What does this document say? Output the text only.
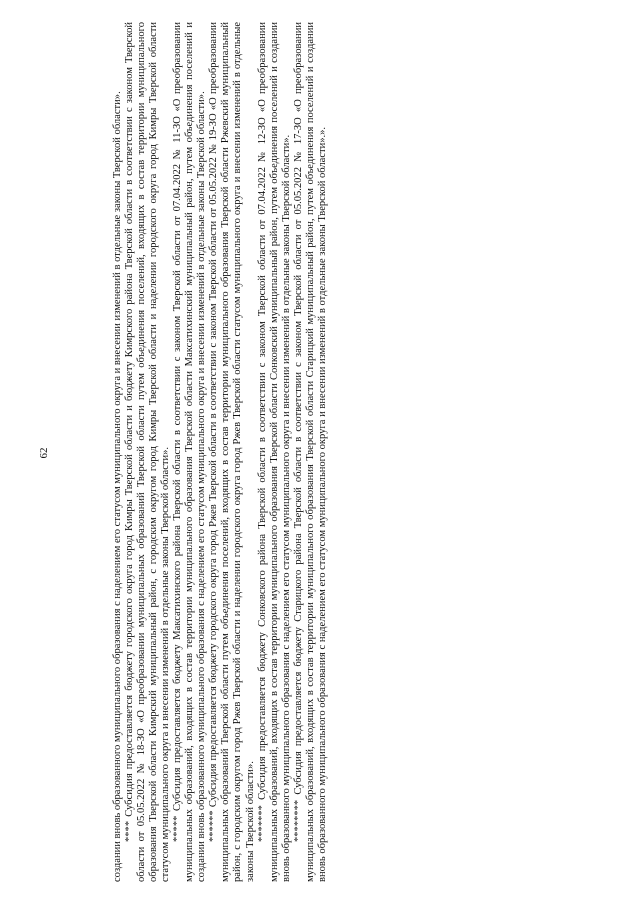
62	создании вновь образованного муниципального образования с наделением его статусом муниципального округа и внесении изменений в отдельные законы Тверской области». **** Субсидия предоставляется бюджету городского округа город Кимры Тверской области и бюджету Кимрского района Тверской области в соответствии с законом Тверской области от 05.05.2022 № 18-ЗО «О преобразовании муниципальных образований Тверской области путем объединения поселений, входящих в состав территории муниципального образования Тверской области Кимрский муниципальный район, с городским округом город Кимры Тверской области и наделении городского округа город Кимры Тверской области статусом муниципального округа и внесении изменений в отдельные законы Тверской области». ***** Субсидия предоставляется бюджету Максатихинского района Тверской области в соответствии с законом Тверской области от 07.04.2022 № 11-ЗО «О преобразовании муниципальных образований, входящих в состав территории муниципального образования Тверской области Максатихинский муниципальный район, путем объединения поселений и создании вновь образованного муниципального образования с наделением его статусом муниципального округа и внесении изменений в отдельные законы Тверской области». ****** Субсидия предоставляется бюджету городского округа город Ржев Тверской области в соответствии с законом Тверской области от 05.05.2022 № 19-ЗО «О преобразовании муниципальных образований Тверской области путем объединения поселений, входящих в состав территории муниципального образования Тверской области Ржевский муниципальный район, с городским округом город Ржев Тверской области и наделении городского округа город Ржев Тверской области статусом муниципального округа и внесении изменений в отдельные законы Тверской области». ******* Субсидия предоставляется бюджету Сонковского района Тверской области в соответствии с законом Тверской области от 07.04.2022 № 12-ЗО «О преобразовании муниципальных образований, входящих в состав территории муниципального образования Тверской области Сонковский муниципальный район, путем объединения поселений и создании вновь образованного муниципального образования с наделением его статусом муниципального округа и внесении изменений в отдельные законы Тверской области». ******** Субсидия предоставляется бюджету Старицкого района Тверской области в соответствии с законом Тверской области от 05.05.2022 № 17-ЗО «О преобразовании муниципальных образований, входящих в состав территории муниципального образования Тверской области Старицкий муниципальный район, путем объединения поселений и создании вновь образованного муниципального образования с наделением его статусом муниципального округа и внесении изменений в отдельные законы Тверской области».».
